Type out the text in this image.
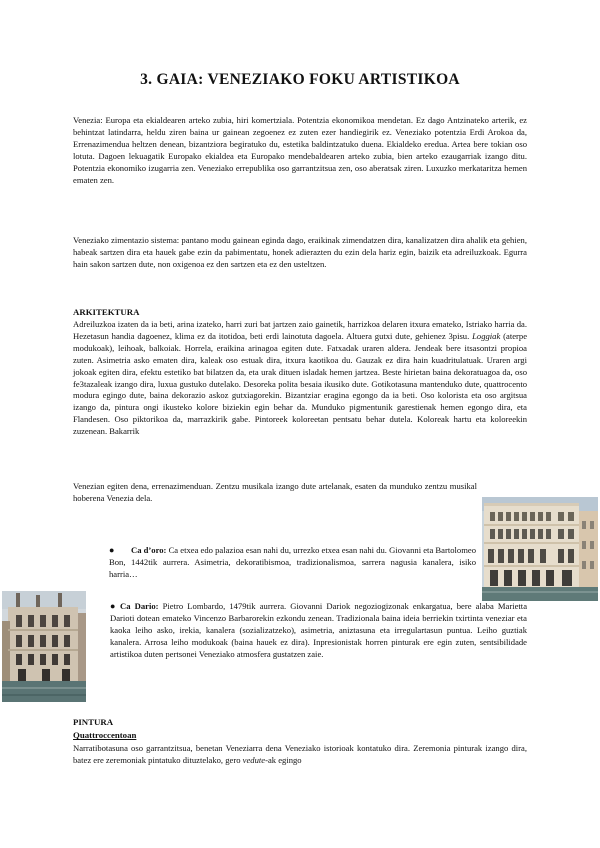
3. GAIA: VENEZIAKO FOKU ARTISTIKOA

Venezia: Europa eta ekialdearen arteko zubia, hiri komertziala. Potentzia ekonomikoa mendetan. Ez dago Antzinateko arterik, ez behintzat latindarra, heldu ziren baina ur gainean zegoenez ez zuten ezer handiegirik ez. Veneziako potentzia Erdi Arokoa da, Errenazimendua heltzen denean, bizantziora begiratuko du, estetika baldintzatuko duena. Ekialdeko eredua. Artea bere tokian oso lotuta. Dagoen lekuagatik Europako ekialdea eta Europako mendebaldearen arteko zubia, bien arteko ezaugarriak izango ditu. Potentzia ekonomiko izugarria zen. Veneziako errepublika oso garrantzitsua zen, oso aberatsak ziren. Luxuzko merkataritza hemen ematen zen.

Veneziako zimentazio sistema: pantano modu gainean eginda dago, eraikinak zimendatzen dira, kanalizatzen dira ahalik eta gehien, habeak sartzen dira eta hauek gabe ezin da pabimentatu, honek adierazten du ezin dela hariz egin, baizik eta adreiluzkoak. Egurra hain sakon sartzen dute, non oxigenoa ez den sartzen eta ez den usteltzen.

ARKITEKTURA

Adreiluzkoa izaten da ia beti, arina izateko, harri zuri bat jartzen zaio gainetik, harrizkoa delaren itxura emateko, Istriako harria da. Hezetasun handia dagoenez, klima ez da itotidoa, beti erdi lainotuta dagoela. Altuera gutxi dute, gehienez 3pisu. Loggiak (aterpe modukoak), leihoak, balkoiak. Horrela, eraikina arinagoa egiten dute. Fatxadak uraren aldera. Jendeak bere itsasontzi propioa zuten. Asimetria asko ematen dira, kaleak oso estuak dira, itxura kaotikoa du. Gauzak ez dira hain kuadritulatuak. Uraren argi jokoak egiten dira, efektu estetiko bat bilatzen da, eta urak dituen isladak hemen jartzea. Beste hirietan baina dekoratuagoa da, oso fe3tazaleak izango dira, luxua gustuko dutelako. Desoreka polita besaia ikusiko dute. Gotikotasuna mantenduko dute, quattrocento modura egingo dute, baina dekorazio askoz gutxiagorekin. Bizantziar eragina egongo da ia beti. Oso kolorista eta oso argitsua izango da, pintura ongi ikusteko kolore biziekin egin behar da. Munduko pigmentunik garestienak hemen egongo dira, eta Flandesen. Oso piktorikoa da, marrazkirik gabe. Pintoreek koloreetan pentsatu behar dutela. Koloreak hartu eta koloreekin zuzenean. Bakarrik

Venezian egiten dena, errenazimenduan. Zentzu musikala izango dute artelanak, esaten da munduko zentzu musikal hoberena Venezia dela.

● Ca d’oro: Ca etxea edo palazioa esan nahi du, urrezko etxea esan nahi du. Giovanni eta Bartolomeo Bon, 1442tik aurrera. Asimetria, dekoratibismoa, tradizionalismoa, sarrera nagusia kanalera, isiko harria…

● Ca Dario: Pietro Lombardo, 1479tik aurrera. Giovanni Dariok negoziogizonak enkargatua, bere alaba Marietta Darioti dotean emateko Vincenzo Barbarorekin ezkondu zenean. Tradizionala baina ideia berriekin txirtinta veneziar eta kaoka leiho asko, irekia, kanalera (sozializatzeko), asimetria, aniztasuna eta irregulartasun puntua. Leiho guztiak kanalera. Arrosa leiho modukoak (baina hauek ez dira). Inpresionistak horren pinturak ere egin zuten, sentsibilidade artistikoa duten pertsonei Veneziako atmosfera gustatzen zaie.

PINTURA

Quattroccentoan

Narratibotasuna oso garrantzitsua, benetan Veneziarra dena Veneziako istorioak kontatuko dira. Zeremonia pinturak izango dira, batez ere zeremoniak pintatuko dituztelako, gero vedute-ak egingo
